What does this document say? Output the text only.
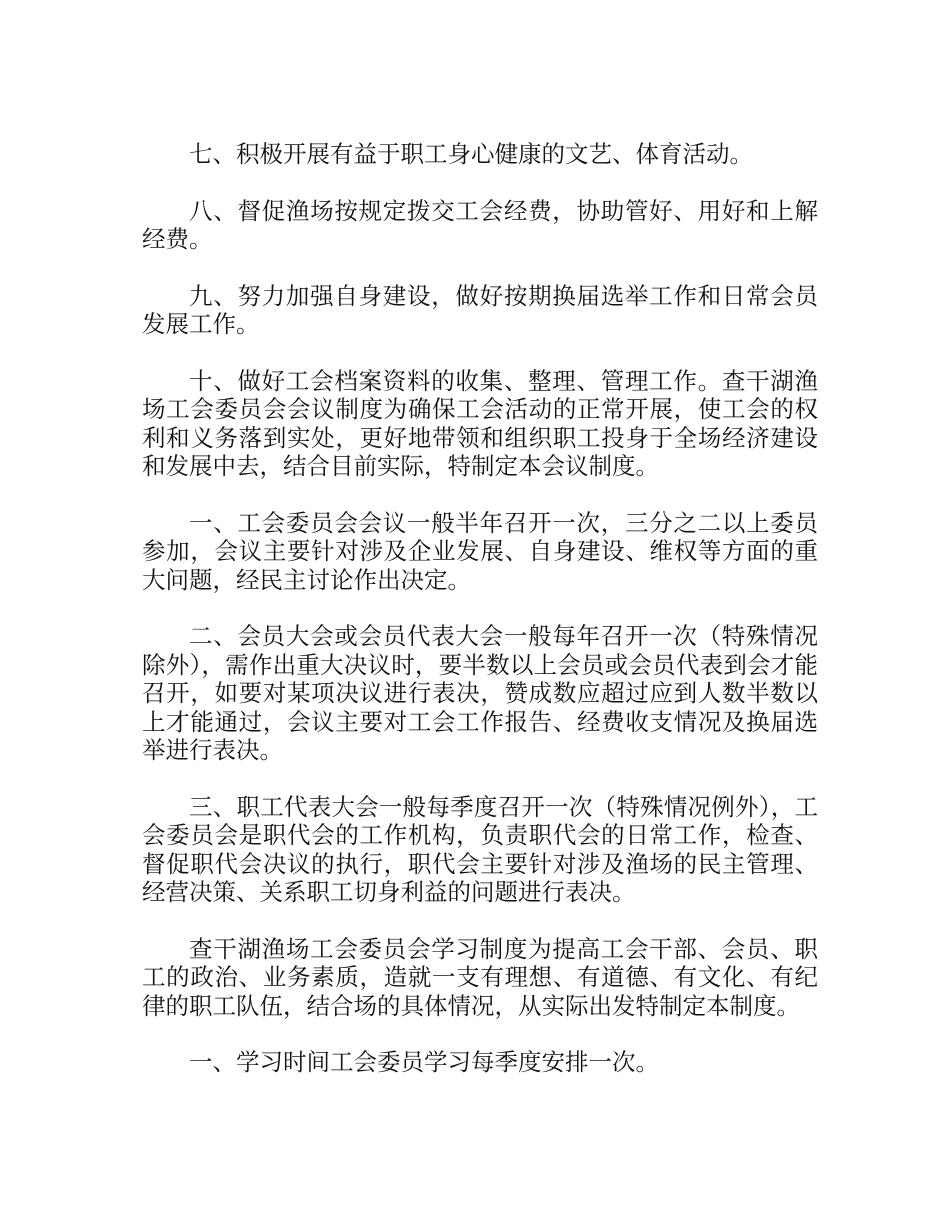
七、积极开展有益于职工身心健康的文艺、体育活动。

八、督促渔场按规定拨交工会经费，协助管好、用好和上解经费。

九、努力加强自身建设，做好按期换届选举工作和日常会员发展工作。

十、做好工会档案资料的收集、整理、管理工作。查干湖渔场工会委员会会议制度为确保工会活动的正常开展，使工会的权利和义务落到实处，更好地带领和组织职工投身于全场经济建设和发展中去，结合目前实际，特制定本会议制度。

一、工会委员会会议一般半年召开一次，三分之二以上委员参加，会议主要针对涉及企业发展、自身建设、维权等方面的重大问题，经民主讨论作出决定。

二、会员大会或会员代表大会一般每年召开一次（特殊情况除外），需作出重大决议时，要半数以上会员或会员代表到会才能召开，如要对某项决议进行表决，赞成数应超过应到人数半数以上才能通过，会议主要对工会工作报告、经费收支情况及换届选举进行表决。

三、职工代表大会一般每季度召开一次（特殊情况例外），工会委员会是职代会的工作机构，负责职代会的日常工作，检查、督促职代会决议的执行，职代会主要针对涉及渔场的民主管理、经营决策、关系职工切身利益的问题进行表决。

查干湖渔场工会委员会学习制度为提高工会干部、会员、职工的政治、业务素质，造就一支有理想、有道德、有文化、有纪律的职工队伍，结合场的具体情况，从实际出发特制定本制度。

一、学习时间工会委员学习每季度安排一次。
